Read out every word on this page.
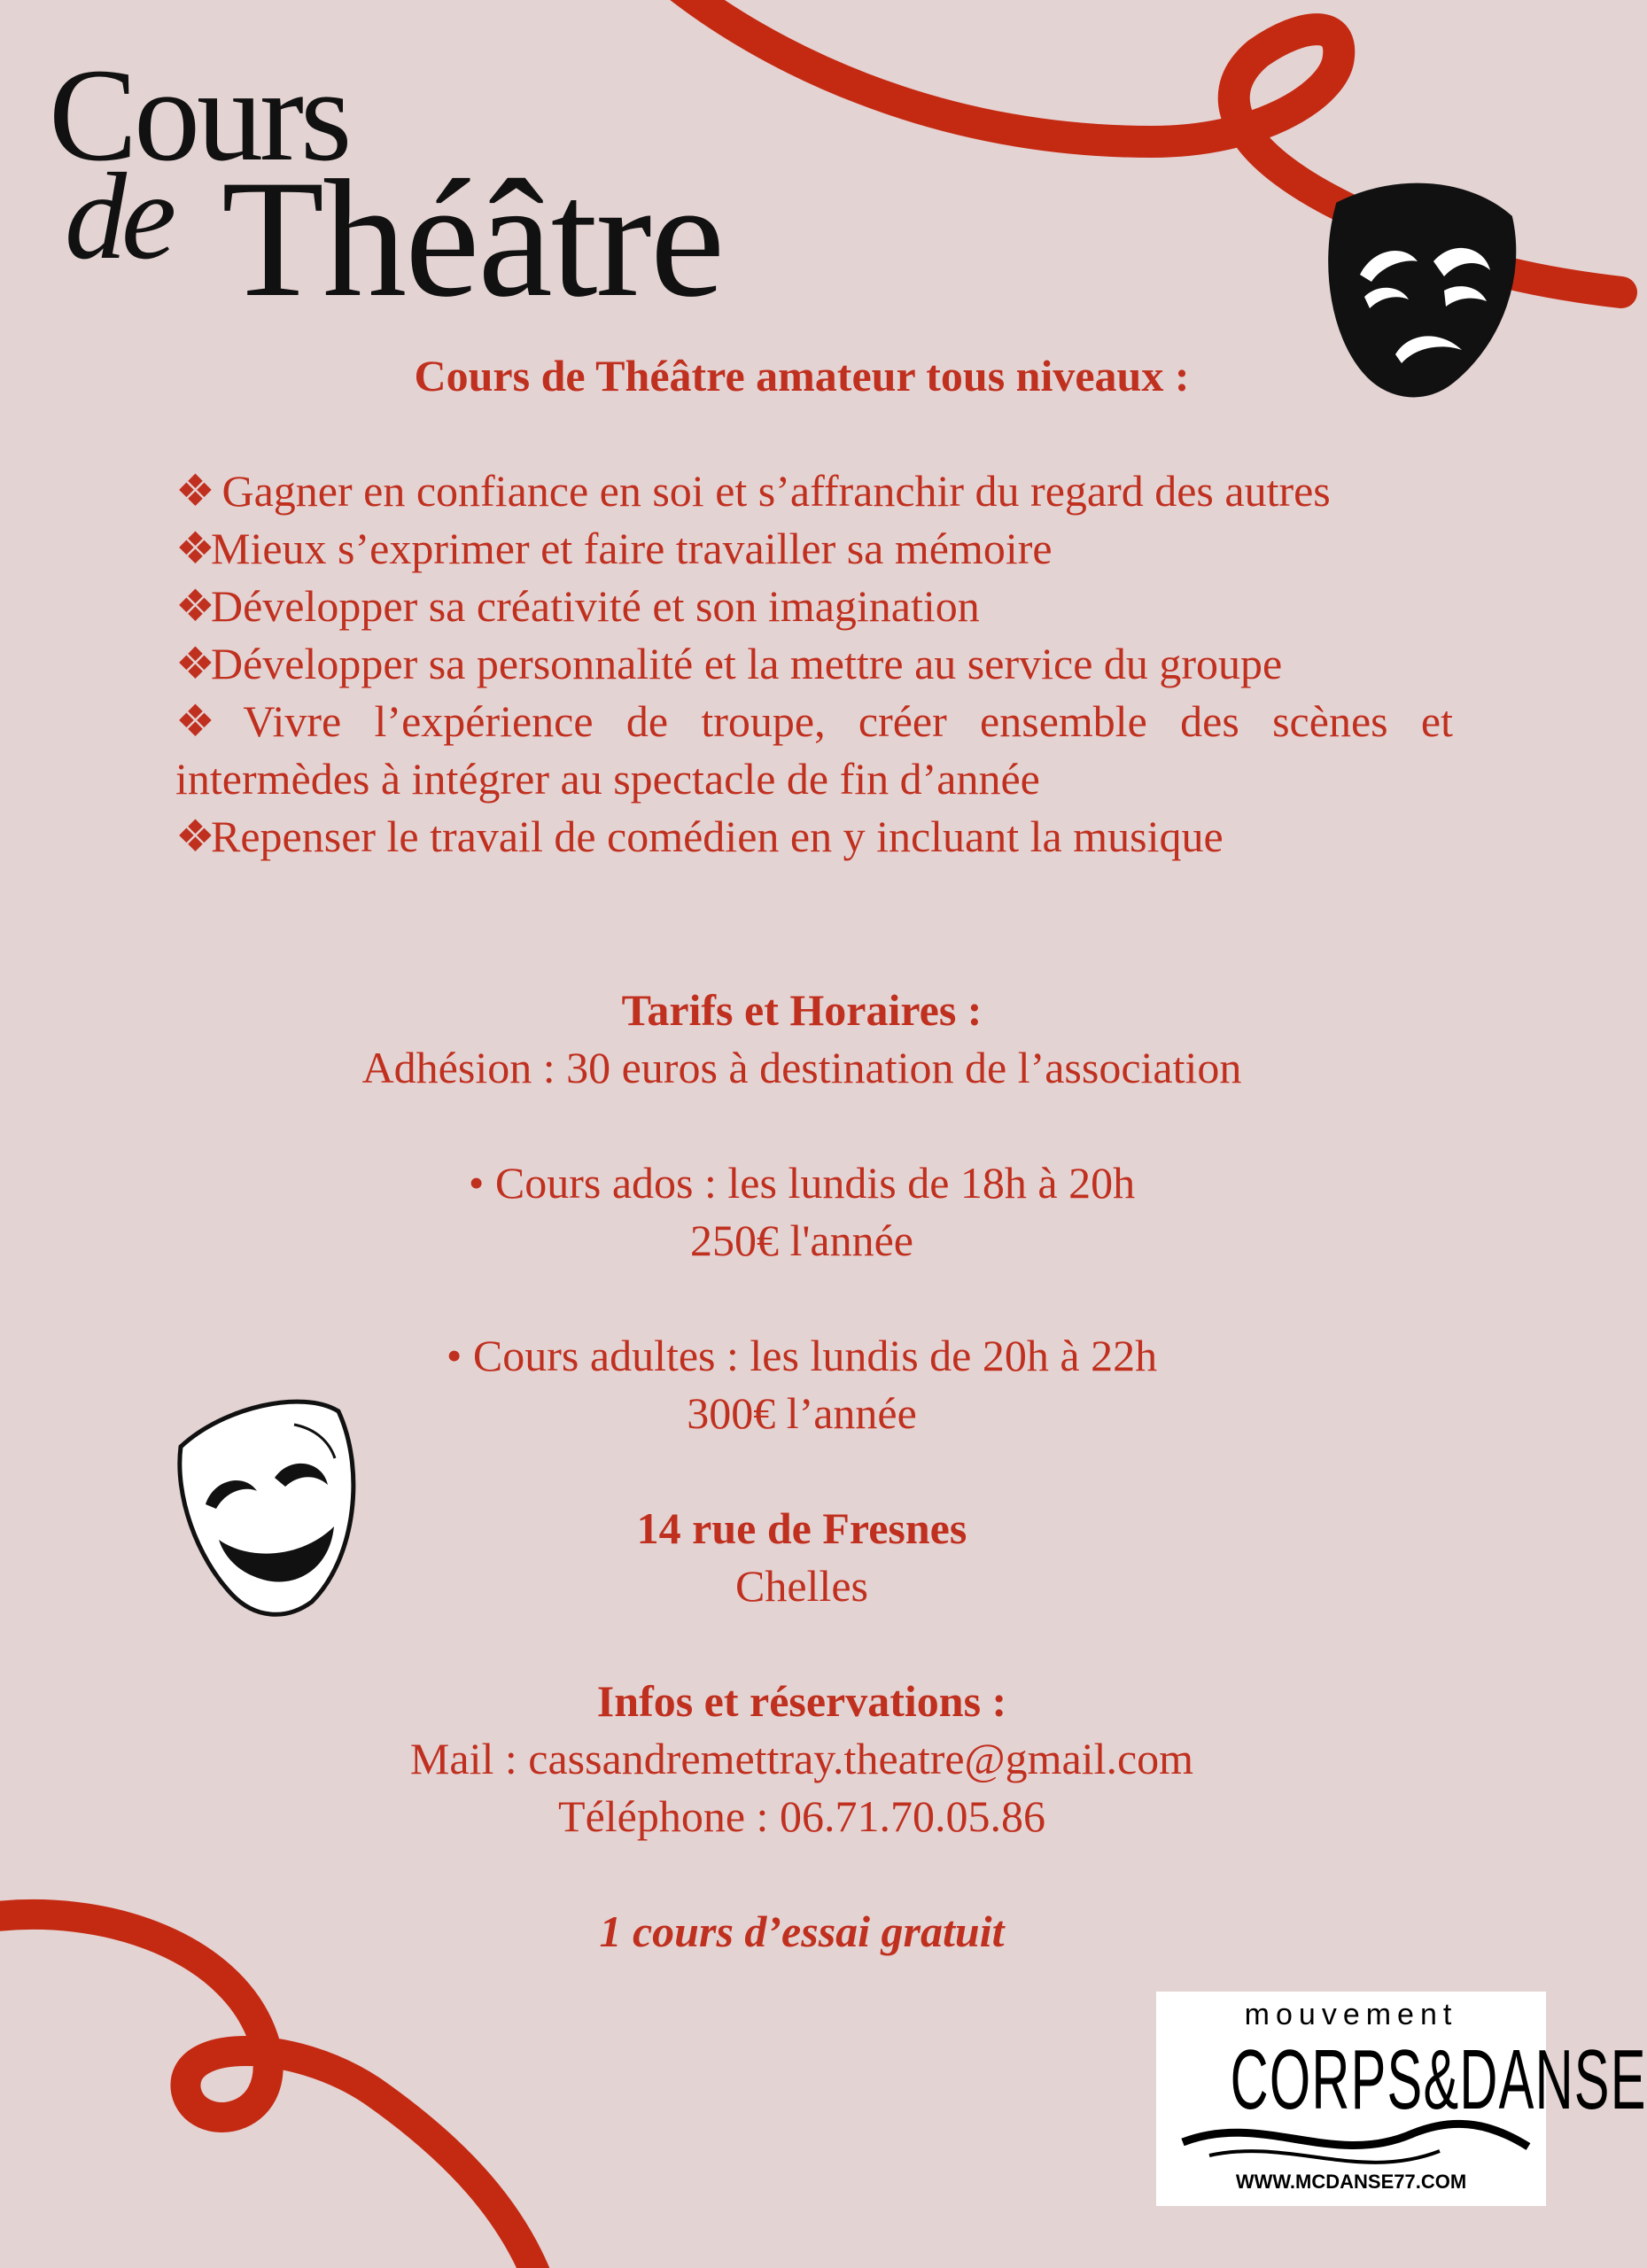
Cours
de Théâtre
Cours de Théâtre amateur tous niveaux :
❖ Gagner en confiance en soi et s’affranchir du regard des autres
❖Mieux s’exprimer et faire travailler sa mémoire
❖Développer sa créativité et son imagination
❖Développer sa personnalité et la mettre au service du groupe
❖ Vivre l’expérience de troupe, créer ensemble des scènes et intermèdes à intégrer au spectacle de fin d’année
❖Repenser le travail de comédien en y incluant la musique
Tarifs et Horaires :
Adhésion : 30 euros à destination de l’association
• Cours ados : les lundis de 18h à 20h
250€ l'année
• Cours adultes : les lundis de 20h à 22h
300€ l’année
14 rue de Fresnes
Chelles
Infos et réservations :
Mail : cassandremettray.theatre@gmail.com
Téléphone : 06.71.70.05.86
1 cours d’essai gratuit
mouvement
CORPS&DANSE
WWW.MCDANSE77.COM
